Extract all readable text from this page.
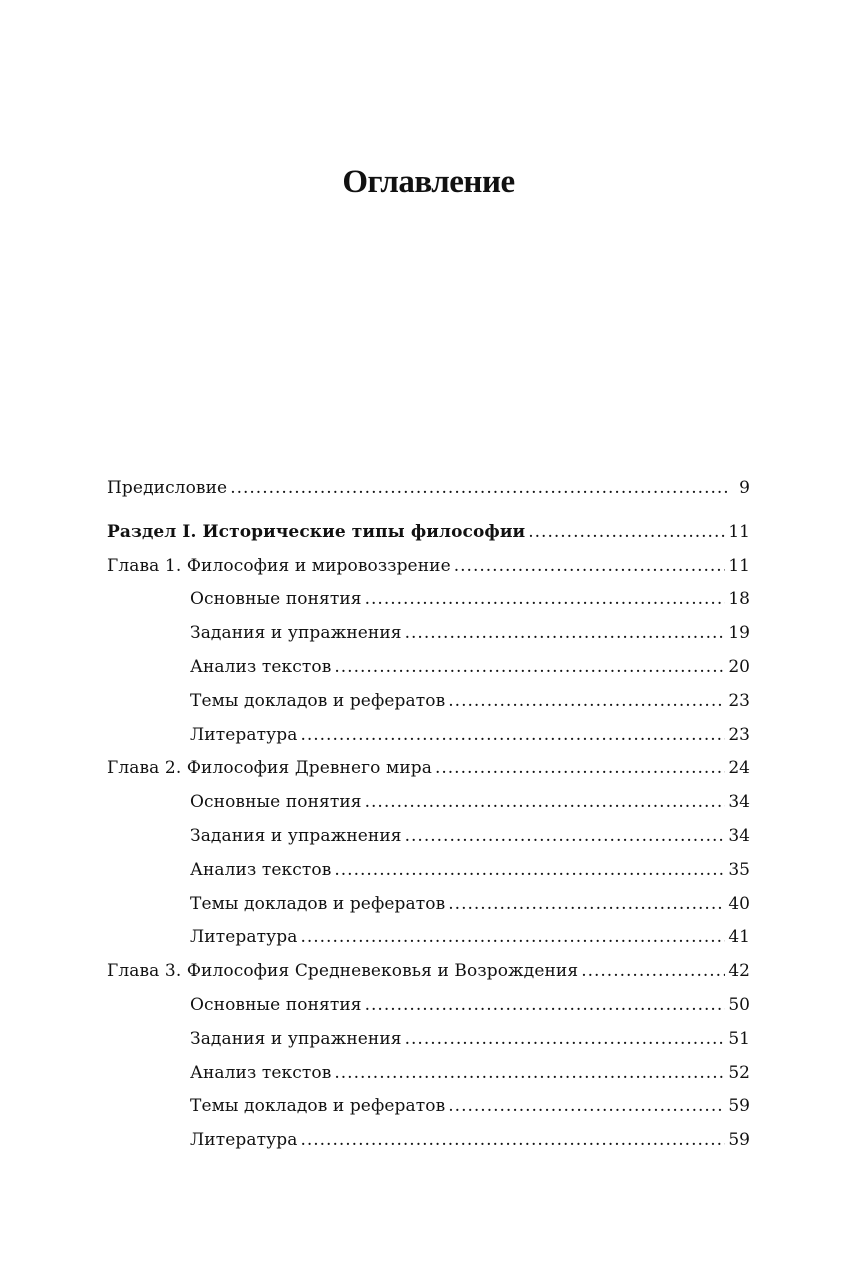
Оглавление
Предисловие .....	9
Раздел I. Исторические типы философии .....	11
Глава 1. Философия и мировоззрение .....	11
Основные понятия .....	18
Задания и упражнения .....	19
Анализ текстов .....	20
Темы докладов и рефератов .....	23
Литература .....	23
Глава 2. Философия Древнего мира .....	24
Основные понятия .....	34
Задания и упражнения .....	34
Анализ текстов .....	35
Темы докладов и рефератов .....	40
Литература .....	41
Глава 3. Философия Средневековья и Возрождения .....	42
Основные понятия .....	50
Задания и упражнения .....	51
Анализ текстов .....	52
Темы докладов и рефератов .....	59
Литература .....	59
